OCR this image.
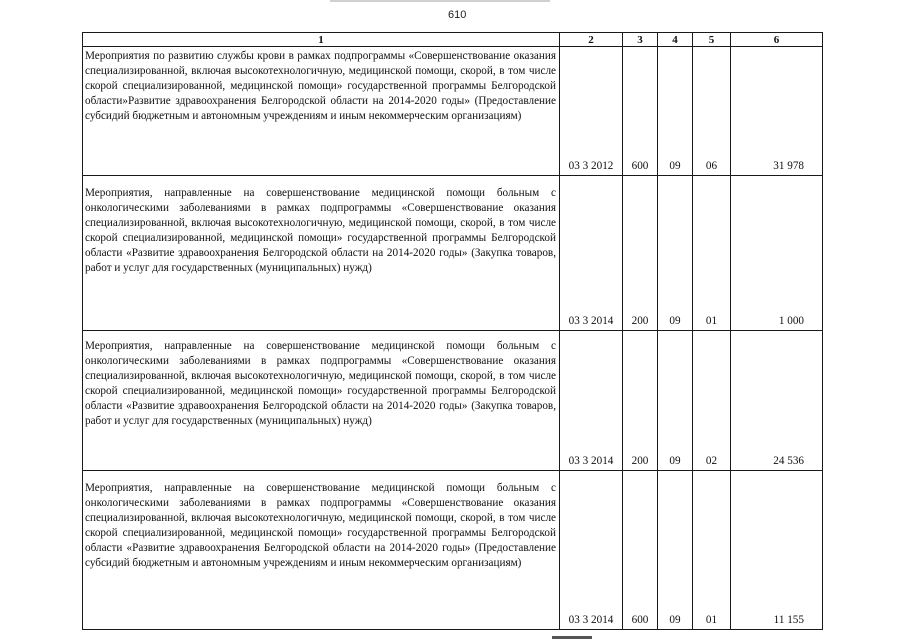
610
1	2	3	4	5	6
Мероприятия по развитию службы крови в рамках подпрограммы «Совершенствование оказания специализированной, включая высокотехнологичную, медицинской помощи, скорой, в том числе скорой специализированной, медицинской помощи» государственной программы Белгородской области»Развитие здравоохранения Белгородской области на 2014-2020 годы» (Предоставление субсидий бюджетным и автономным учреждениям и иным некоммерческим организациям)	03 3 2012	600	09	06	31 978
Мероприятия, направленные на совершенствование медицинской помощи больным с онкологическими заболеваниями в рамках подпрограммы «Совершенствование оказания специализированной, включая высокотехнологичную, медицинской помощи, скорой, в том числе скорой специализированной, медицинской помощи» государственной программы Белгородской области «Развитие здравоохранения Белгородской области на 2014-2020 годы» (Закупка товаров, работ и услуг для государственных (муниципальных) нужд)	03 3 2014	200	09	01	1 000
Мероприятия, направленные на совершенствование медицинской помощи больным с онкологическими заболеваниями в рамках подпрограммы «Совершенствование оказания специализированной, включая высокотехнологичную, медицинской помощи, скорой, в том числе скорой специализированной, медицинской помощи» государственной программы Белгородской области «Развитие здравоохранения Белгородской области на 2014-2020 годы» (Закупка товаров, работ и услуг для государственных (муниципальных) нужд)	03 3 2014	200	09	02	24 536
Мероприятия, направленные на совершенствование медицинской помощи больным с онкологическими заболеваниями в рамках подпрограммы «Совершенствование оказания специализированной, включая высокотехнологичную, медицинской помощи, скорой, в том числе скорой специализированной, медицинской помощи» государственной программы Белгородской области «Развитие здравоохранения Белгородской области на 2014-2020 годы» (Предоставление субсидий бюджетным и автономным учреждениям и иным некоммерческим организациям)	03 3 2014	600	09	01	11 155
